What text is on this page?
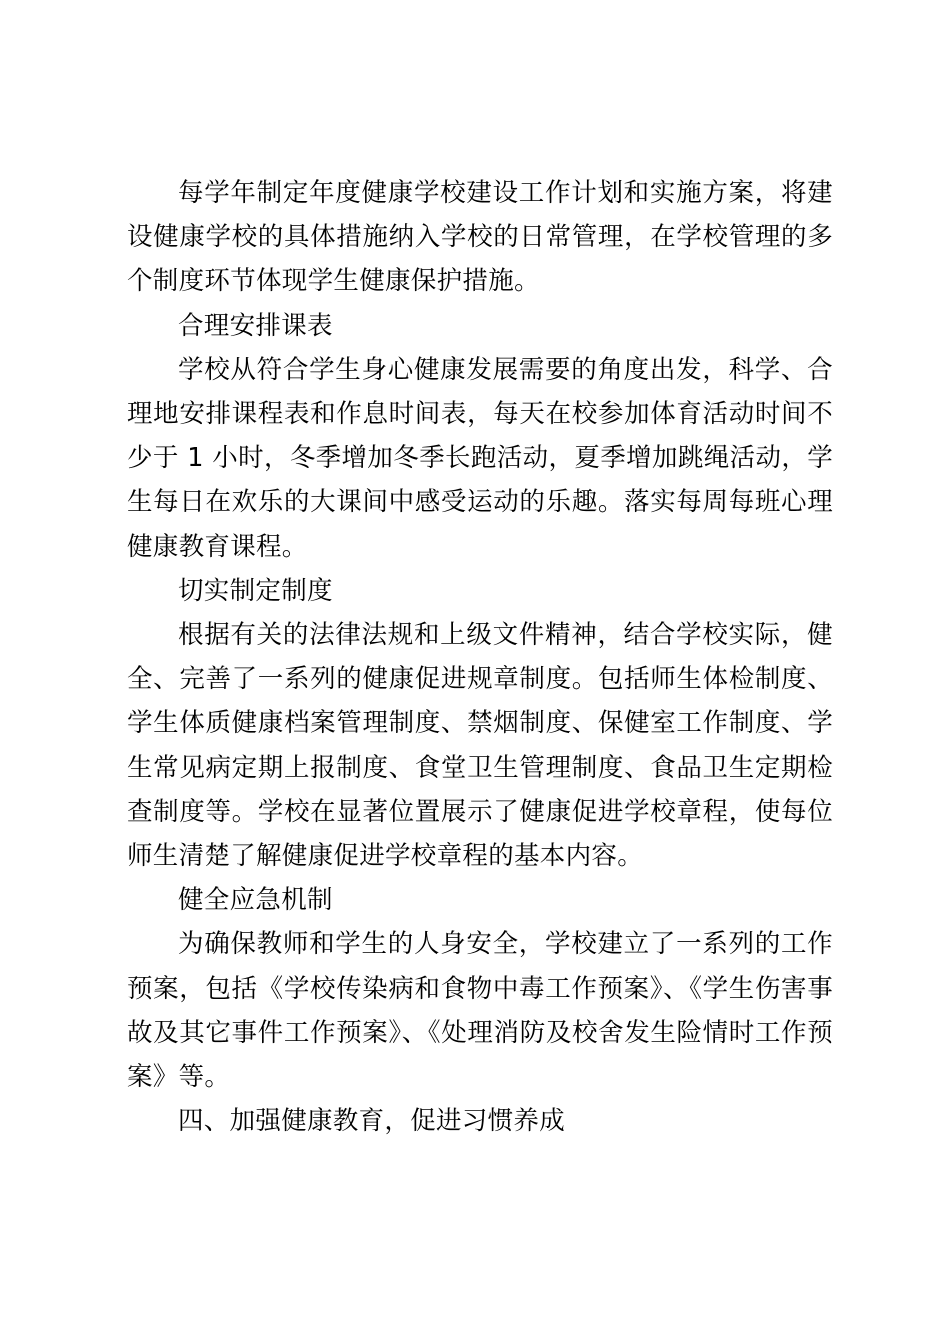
每学年制定年度健康学校建设工作计划和实施方案，将建设健康学校的具体措施纳入学校的日常管理，在学校管理的多个制度环节体现学生健康保护措施。

合理安排课表

学校从符合学生身心健康发展需要的角度出发，科学、合理地安排课程表和作息时间表，每天在校参加体育活动时间不少于 1 小时，冬季增加冬季长跑活动，夏季增加跳绳活动，学生每日在欢乐的大课间中感受运动的乐趣。落实每周每班心理健康教育课程。

切实制定制度

根据有关的法律法规和上级文件精神，结合学校实际，健全、完善了一系列的健康促进规章制度。包括师生体检制度、学生体质健康档案管理制度、禁烟制度、保健室工作制度、学生常见病定期上报制度、食堂卫生管理制度、食品卫生定期检查制度等。学校在显著位置展示了健康促进学校章程，使每位师生清楚了解健康促进学校章程的基本内容。

健全应急机制

为确保教师和学生的人身安全，学校建立了一系列的工作预案，包括《学校传染病和食物中毒工作预案》、《学生伤害事故及其它事件工作预案》、《处理消防及校舍发生险情时工作预案》等。

四、加强健康教育，促进习惯养成
